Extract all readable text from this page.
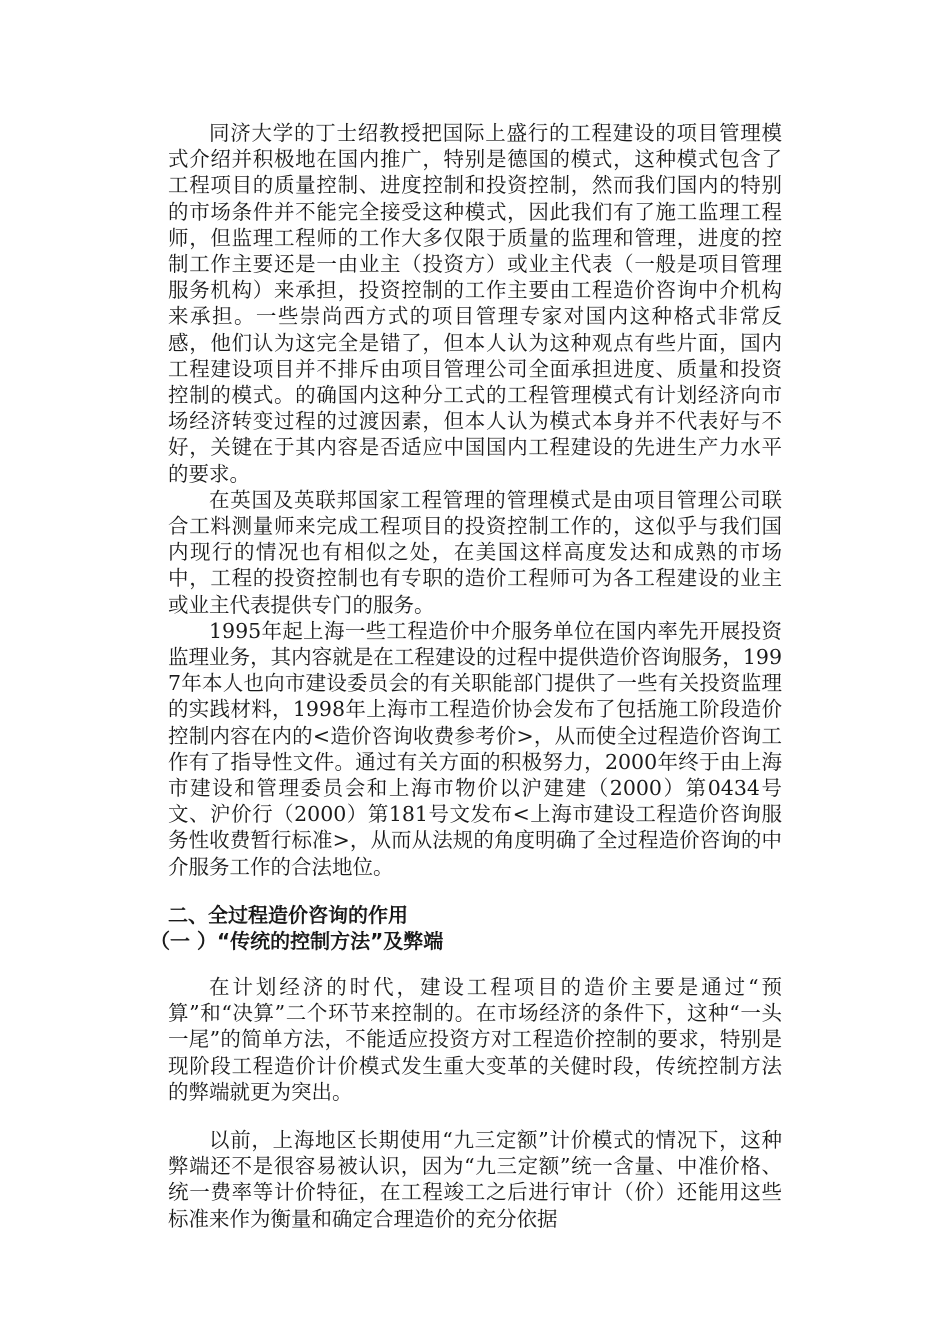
同济大学的丁士绍教授把国际上盛行的工程建设的项目管理模式介绍并积极地在国内推广，特别是德国的模式，这种模式包含了工程项目的质量控制、进度控制和投资控制，然而我们国内的特别的市场条件并不能完全接受这种模式，因此我们有了施工监理工程师，但监理工程师的工作大多仅限于质量的监理和管理，进度的控制工作主要还是一由业主（投资方）或业主代表（一般是项目管理服务机构）来承担，投资控制的工作主要由工程造价咨询中介机构来承担。一些崇尚西方式的项目管理专家对国内这种格式非常反感，他们认为这完全是错了，但本人认为这种观点有些片面，国内工程建设项目并不排斥由项目管理公司全面承担进度、质量和投资控制的模式。的确国内这种分工式的工程管理模式有计划经济向市场经济转变过程的过渡因素，但本人认为模式本身并不代表好与不好，关键在于其内容是否适应中国国内工程建设的先进生产力水平的要求。

在英国及英联邦国家工程管理的管理模式是由项目管理公司联合工料测量师来完成工程项目的投资控制工作的，这似乎与我们国内现行的情况也有相似之处，在美国这样高度发达和成熟的市场中，工程的投资控制也有专职的造价工程师可为各工程建设的业主或业主代表提供专门的服务。

1995年起上海一些工程造价中介服务单位在国内率先开展投资监理业务，其内容就是在工程建设的过程中提供造价咨询服务，1997年本人也向市建设委员会的有关职能部门提供了一些有关投资监理的实践材料，1998年上海市工程造价协会发布了包括施工阶段造价控制内容在内的<造价咨询收费参考价>，从而使全过程造价咨询工作有了指导性文件。通过有关方面的积极努力，2000年终于由上海市建设和管理委员会和上海市物价以沪建建（2000）第0434号文、沪价行（2000）第181号文发布<上海市建设工程造价咨询服务性收费暂行标准>，从而从法规的角度明确了全过程造价咨询的中介服务工作的合法地位。

二、全过程造价咨询的作用
（一 ）“传统的控制方法”及弊端

在计划经济的时代，建设工程项目的造价主要是通过“预算”和“决算”二个环节来控制的。在市场经济的条件下，这种“一头一尾”的简单方法，不能适应投资方对工程造价控制的要求，特别是现阶段工程造价计价模式发生重大变革的关健时段，传统控制方法的弊端就更为突出。

以前，上海地区长期使用“九三定额”计价模式的情况下，这种弊端还不是很容易被认识，因为“九三定额”统一含量、中准价格、统一费率等计价特征，在工程竣工之后进行审计（价）还能用这些标准来作为衡量和确定合理造价的充分依据
